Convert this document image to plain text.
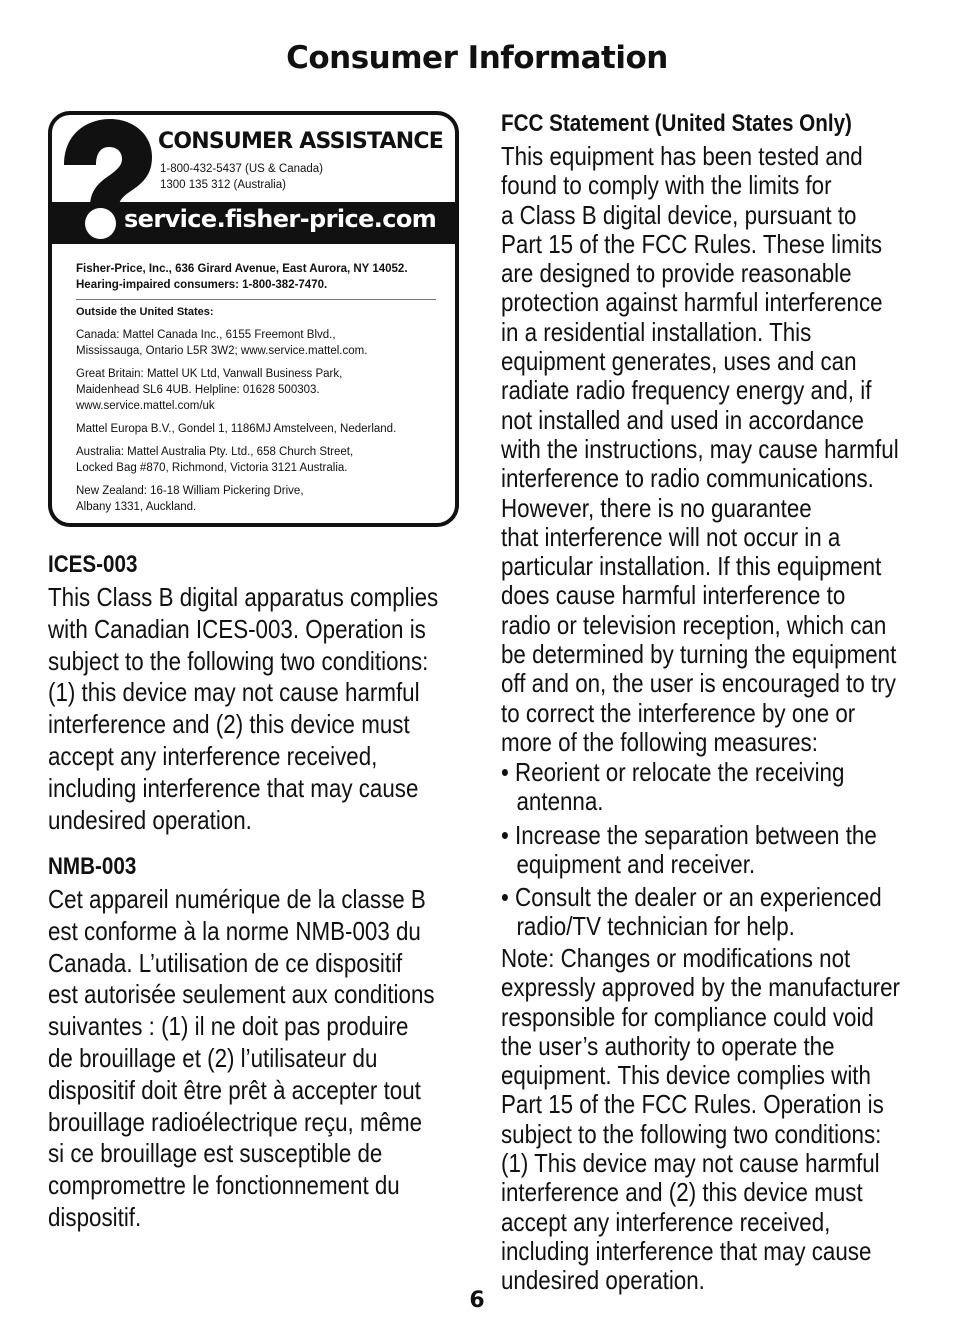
Consumer Information
CONSUMER ASSISTANCE
1-800-432-5437 (US & Canada)
1300 135 312 (Australia)
service.fisher-price.com
Fisher-Price, Inc., 636 Girard Avenue, East Aurora, NY 14052.
Hearing-impaired consumers: 1-800-382-7470.
Outside the United States:
Canada: Mattel Canada Inc., 6155 Freemont Blvd.,
Mississauga, Ontario L5R 3W2; www.service.mattel.com.
Great Britain: Mattel UK Ltd, Vanwall Business Park,
Maidenhead SL6 4UB. Helpline: 01628 500303.
www.service.mattel.com/uk
Mattel Europa B.V., Gondel 1, 1186MJ Amstelveen, Nederland.
Australia: Mattel Australia Pty. Ltd., 658 Church Street,
Locked Bag #870, Richmond, Victoria 3121 Australia.
New Zealand: 16-18 William Pickering Drive,
Albany 1331, Auckland.
ICES-003
This Class B digital apparatus complies
with Canadian ICES-003. Operation is
subject to the following two conditions:
(1) this device may not cause harmful
interference and (2) this device must
accept any interference received,
including interference that may cause
undesired operation.
NMB-003
Cet appareil numérique de la classe B
est conforme à la norme NMB-003 du
Canada. L’utilisation de ce dispositif
est autorisée seulement aux conditions
suivantes : (1) il ne doit pas produire
de brouillage et (2) l’utilisateur du
dispositif doit être prêt à accepter tout
brouillage radioélectrique reçu, même
si ce brouillage est susceptible de
compromettre le fonctionnement du
dispositif.
FCC Statement (United States Only)
This equipment has been tested and
found to comply with the limits for
a Class B digital device, pursuant to
Part 15 of the FCC Rules. These limits
are designed to provide reasonable
protection against harmful interference
in a residential installation. This
equipment generates, uses and can
radiate radio frequency energy and, if
not installed and used in accordance
with the instructions, may cause harmful
interference to radio communications.
However, there is no guarantee
that interference will not occur in a
particular installation. If this equipment
does cause harmful interference to
radio or television reception, which can
be determined by turning the equipment
off and on, the user is encouraged to try
to correct the interference by one or
more of the following measures:
• Reorient or relocate the receiving
antenna.
• Increase the separation between the
equipment and receiver.
• Consult the dealer or an experienced
radio/TV technician for help.
Note: Changes or modifications not
expressly approved by the manufacturer
responsible for compliance could void
the user’s authority to operate the
equipment. This device complies with
Part 15 of the FCC Rules. Operation is
subject to the following two conditions:
(1) This device may not cause harmful
interference and (2) this device must
accept any interference received,
including interference that may cause
undesired operation.
6
